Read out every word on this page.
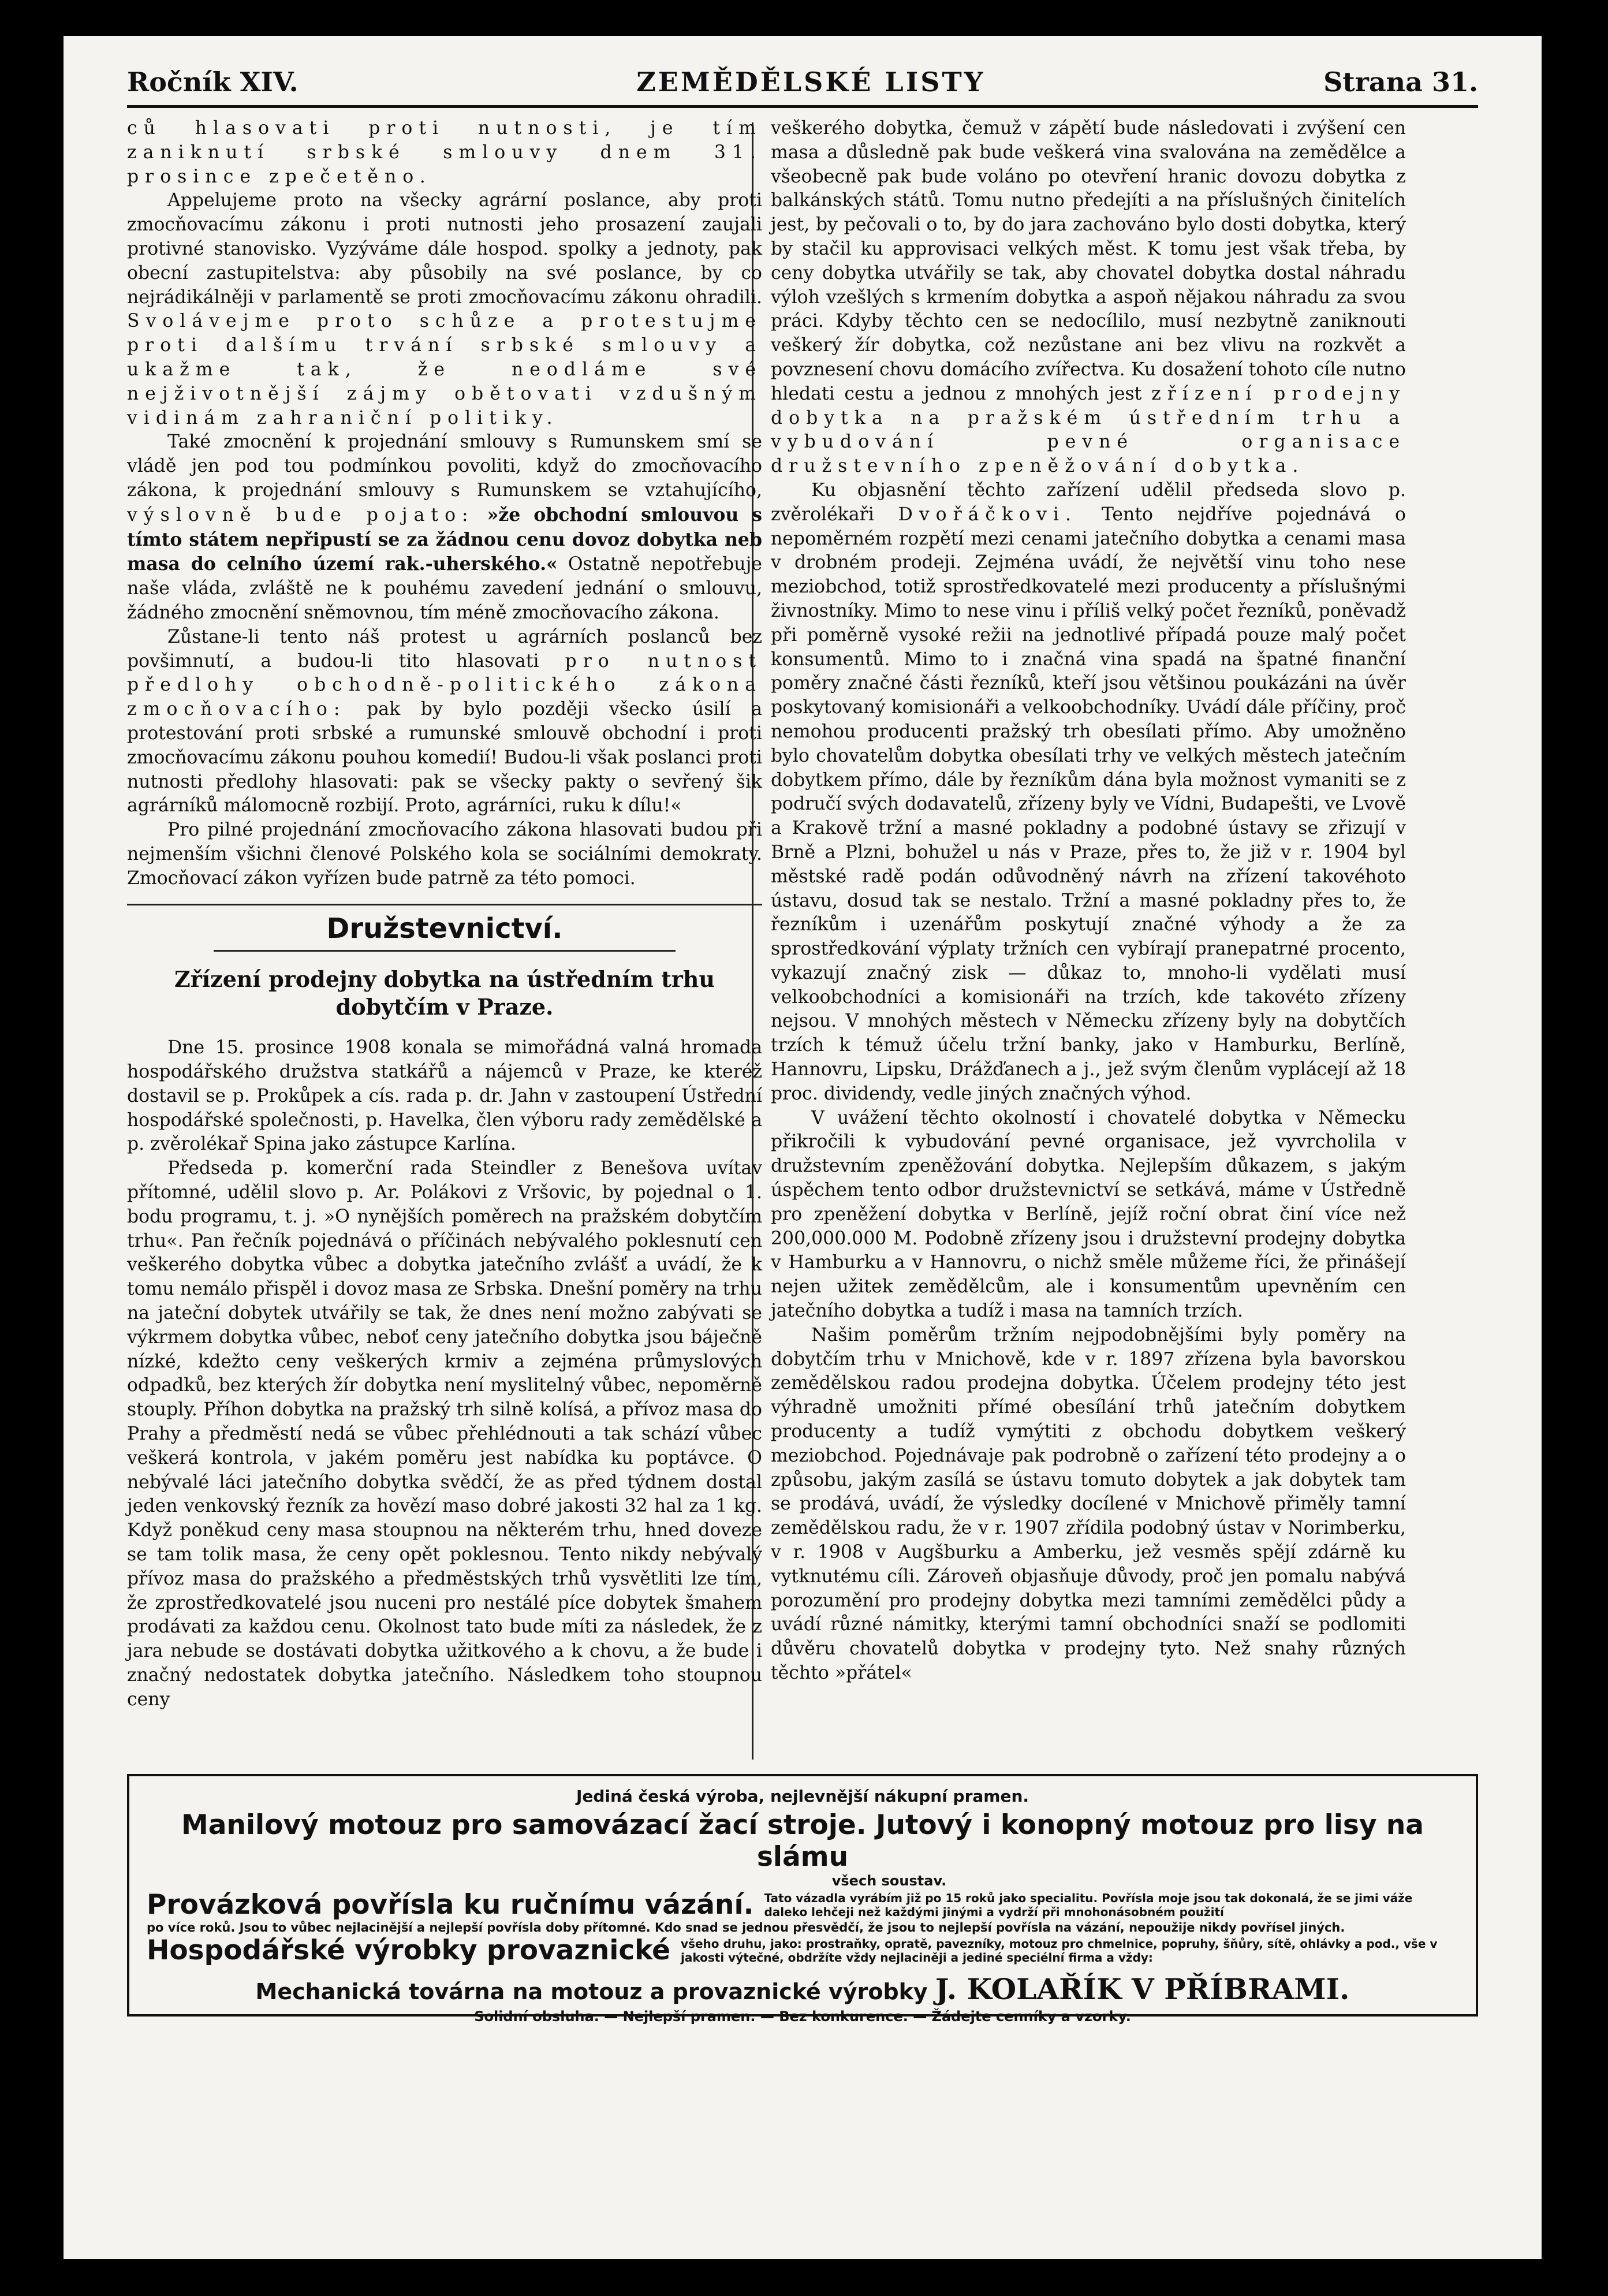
Ročník XIV.	ZEMĚDĚLSKÉ LISTY	Strana 31.

ců hlasovati proti nutnosti, je tím zaniknutí srbské smlouvy dnem 31. prosince zpečetěno.

Appelujeme proto na všecky agrární poslance, aby proti zmocňovacímu zákonu i proti nutnosti jeho prosazení zaujali protivné stanovisko. Vyzýváme dále hospod. spolky a jednoty, pak obecní zastupitelstva: aby působily na své poslance, by co nejrádikálněji v parlamentě se proti zmocňovacímu zákonu ohradili. Svolávejme proto schůze a protestujme proti dalšímu trvání srbské smlouvy a ukažme tak, že neodláme své nejživotnější zájmy obětovati vzdušným vidinám zahraniční politiky.

Také zmocnění k projednání smlouvy s Rumunskem smí se vládě jen pod tou podmínkou povoliti, když do zmocňovacího zákona, k projednání smlouvy s Rumunskem se vztahujícího, výslovně bude pojato: »že obchodní smlouvou s tímto státem nepřipustí se za žádnou cenu dovoz dobytka neb masa do celního území rak.-uherského.« Ostatně nepotřebuje naše vláda, zvláště ne k pouhému zavedení jednání o smlouvu, žádného zmocnění sněmovnou, tím méně zmocňovacího zákona.

Zůstane-li tento náš protest u agrárních poslanců bez povšimnutí, a budou-li tito hlasovati pro nutnost předlohy obchodně-politického zákona zmocňovacího: pak by bylo později všecko úsilí a protestování proti srbské a rumunské smlouvě obchodní i proti zmocňovacímu zákonu pouhou komedií! Budou-li však poslanci proti nutnosti předlohy hlasovati: pak se všecky pakty o sevřený šik agrárníků málomocně rozbijí. Proto, agrárníci, ruku k dílu!«

Pro pilné projednání zmocňovacího zákona hlasovati budou při nejmenším všichni členové Polského kola se sociálními demokraty. Zmocňovací zákon vyřízen bude patrně za této pomoci.

Družstevnictví.
Zřízení prodejny dobytka na ústředním trhu dobytčím v Praze.

Dne 15. prosince 1908 konala se mimořádná valná hromada hospodářského družstva statkářů a nájemců v Praze, ke kteréž dostavil se p. Prokůpek a cís. rada p. dr. Jahn v zastoupení Ústřední hospodářské společnosti, p. Havelka, člen výboru rady zemědělské a p. zvěrolékař Spina jako zástupce Karlína.

Předseda p. komerční rada Steindler z Benešova uvítav přítomné, udělil slovo p. Ar. Polákovi z Vršovic, by pojednal o 1. bodu programu, t. j. »O nynějších poměrech na pražském dobytčím trhu«. Pan řečník pojednává o příčinách nebývalého poklesnutí cen veškerého dobytka vůbec a dobytka jatečního zvlášť a uvádí, že k tomu nemálo přispěl i dovoz masa ze Srbska. Dnešní poměry na trhu na jateční dobytek utvářily se tak, že dnes není možno zabývati se výkrmem dobytka vůbec, neboť ceny jatečního dobytka jsou báječně nízké, kdežto ceny veškerých krmiv a zejména průmyslových odpadků, bez kterých žír dobytka není myslitelný vůbec, nepoměrně stouply. Příhon dobytka na pražský trh silně kolísá, a přívoz masa do Prahy a předměstí nedá se vůbec přehlédnouti a tak schází vůbec veškerá kontrola, v jakém poměru jest nabídka ku poptávce. O nebývalé láci jatečního dobytka svědčí, že as před týdnem dostal jeden venkovský řezník za hovězí maso dobré jakosti 32 hal za 1 kg. Když poněkud ceny masa stoupnou na některém trhu, hned dovezе se tam tolik masa, že ceny opět poklesnou. Tento nikdy nebývalý přívoz masa do pražského a předměstských trhů vysvětliti lze tím, že zprostředkovatelé jsou nuceni pro nestálé píce dobytek šmahem prodávati za každou cenu. Okolnost tato bude míti za následek, že z jara nebude se dostávati dobytka užitkového a k chovu, a že bude i značný nedostatek dobytka jatečního. Následkem toho stoupnou ceny

veškerého dobytka, čemuž v zápětí bude následovati i zvýšení cen masa a důsledně pak bude veškerá vina svalována na zemědělce a všeobecně pak bude voláno po otevření hranic dovozu dobytka z balkánských států. Tomu nutno předejíti a na příslušných činitelích jest, by pečovali o to, by do jara zachováno bylo dosti dobytka, který by stačil ku approvisaci velkých měst. K tomu jest však třeba, by ceny dobytka utvářily se tak, aby chovatel dobytka dostal náhradu výloh vzešlých s krmením dobytka a aspoň nějakou náhradu za svou práci. Kdyby těchto cen se nedocílilo, musí nezbytně zaniknouti veškerý žír dobytka, což nezůstane ani bez vlivu na rozkvět a povznesení chovu domácího zvířectva. Ku dosažení tohoto cíle nutno hledati cestu a jednou z mnohých jest zřízení prodejny dobytka na pražském ústředním trhu a vybudování pevné organisace družstevního zpeněžování dobytka.

Ku objasnění těchto zařízení udělil předseda slovo p. zvěrolékaři Dvořáčkovi. Tento nejdříve pojednává o nepoměrném rozpětí mezi cenami jatečního dobytka a cenami masa v drobném prodeji. Zejména uvádí, že největší vinu toho nese meziobchod, totiž sprostředkovatelé mezi producenty a příslušnými živnostníky. Mimo to nese vinu i příliš velký počet řezníků, poněvadž při poměrně vysoké režii na jednotlivé případá pouze malý počet konsumentů. Mimo to i značná vina spadá na špatné finanční poměry značné části řezníků, kteří jsou většinou poukázáni na úvěr poskytovaný komisionáři a velkoobchodníky. Uvádí dále příčiny, proč nemohou producenti pražský trh obesílati přímo. Aby umožněno bylo chovatelům dobytka obesílati trhy ve velkých městech jatečním dobytkem přímo, dále by řezníkům dána byla možnost vymaniti se z područí svých dodavatelů, zřízeny byly ve Vídni, Budapešti, ve Lvově a Krakově tržní a masné pokladny a podobné ústavy se zřizují v Brně a Plzni, bohužel u nás v Praze, přes to, že již v r. 1904 byl městské radě podán odůvodněný návrh na zřízení takovéhoto ústavu, dosud tak se nestalo. Tržní a masné pokladny přes to, že řezníkům i uzenářům poskytují značné výhody a že za sprostředkování výplaty tržních cen vybírají pranepatrné procento, vykazují značný zisk — důkaz to, mnoho-li vydělati musí velkoobchodníci a komisionáři na trzích, kde takovéto zřízeny nejsou. V mnohých městech v Německu zřízeny byly na dobytčích trzích k témuž účelu tržní banky, jako v Hamburku, Berlíně, Hannovru, Lipsku, Drážďanech a j., jež svým členům vyplácejí až 18 proc. dividendy, vedle jiných značných výhod.

V uvážení těchto okolností i chovatelé dobytka v Německu přikročili k vybudování pevné organisace, jež vyvrcholila v družstevním zpeněžování dobytka. Nejlepším důkazem, s jakým úspěchem tento odbor družstevnictví se setkává, máme v Ústředně pro zpeněžení dobytka v Berlíně, jejíž roční obrat činí více než 200,000.000 M. Podobně zřízeny jsou i družstevní prodejny dobytka v Hamburku a v Hannovru, o nichž směle můžeme říci, že přinášejí nejen užitek zemědělcům, ale i konsumentům upevněním cen jatečního dobytka a tudíž i masa na tamních trzích.

Našim poměrům tržním nejpodobnějšími byly poměry na dobytčím trhu v Mnichově, kde v r. 1897 zřízena byla bavorskou zemědělskou radou prodejna dobytka. Účelem prodejny této jest výhradně umožniti přímé obesílání trhů jatečním dobytkem producenty a tudíž vymýtiti z obchodu dobytkem veškerý meziobchod. Pojednávaje pak podrobně o zařízení této prodejny a o způsobu, jakým zasílá se ústavu tomuto dobytek a jak dobytek tam se prodává, uvádí, že výsledky docílené v Mnichově přiměly tamní zemědělskou radu, že v r. 1907 zřídila podobný ústav v Norimberku, v r. 1908 v Augšburku a Amberku, jež vesměs spějí zdárně ku vytknutému cíli. Zároveň objasňuje důvody, proč jen pomalu nabývá porozumění pro prodejny dobytka mezi tamními zemědělci půdy a uvádí různé námitky, kterými tamní obchodníci snaží se podlomiti důvěru chovatelů dobytka v prodejny tyto. Než snahy různých těchto »přátel«

Jediná česká výroba, nejlevnější nákupní pramen.
Manilový motouz pro samovázací žací stroje. Jutový i konopný motouz pro lisy na slámu
všech soustav.
Provázková povřísla ku ručnímu vázání. Tato vázadla vyrábím již po 15 roků jako specialitu. Povřísla moje jsou tak dokonalá, že se jimi váže daleko lehčeji než každými jinými a vydrží při mnohonásobném použití
po více roků. Jsou to vůbec nejlacinější a nejlepší povřísla doby přítomné. Kdo snad se jednou přesvědčí, že jsou to nejlepší povřísla na vázání, nepoužije nikdy povřísel jiných.
Hospodářské výrobky provaznické všeho druhu, jako: prostraňky, opratě, pavezníky, motouz pro chmelnice, popruhy, šňůry, sítě, ohlávky a pod., vše v jakosti výtečné, obdržíte vždy nejlaciněji a jediné speciélní firma a vždy:
Mechanická továrna na motouz a provaznické výrobky J. KOLAŘÍK V PŘÍBRAMI.
Solidní obsluha. — Nejlepší pramen. — Bez konkurence. — Žádejte cenníky a vzorky.
